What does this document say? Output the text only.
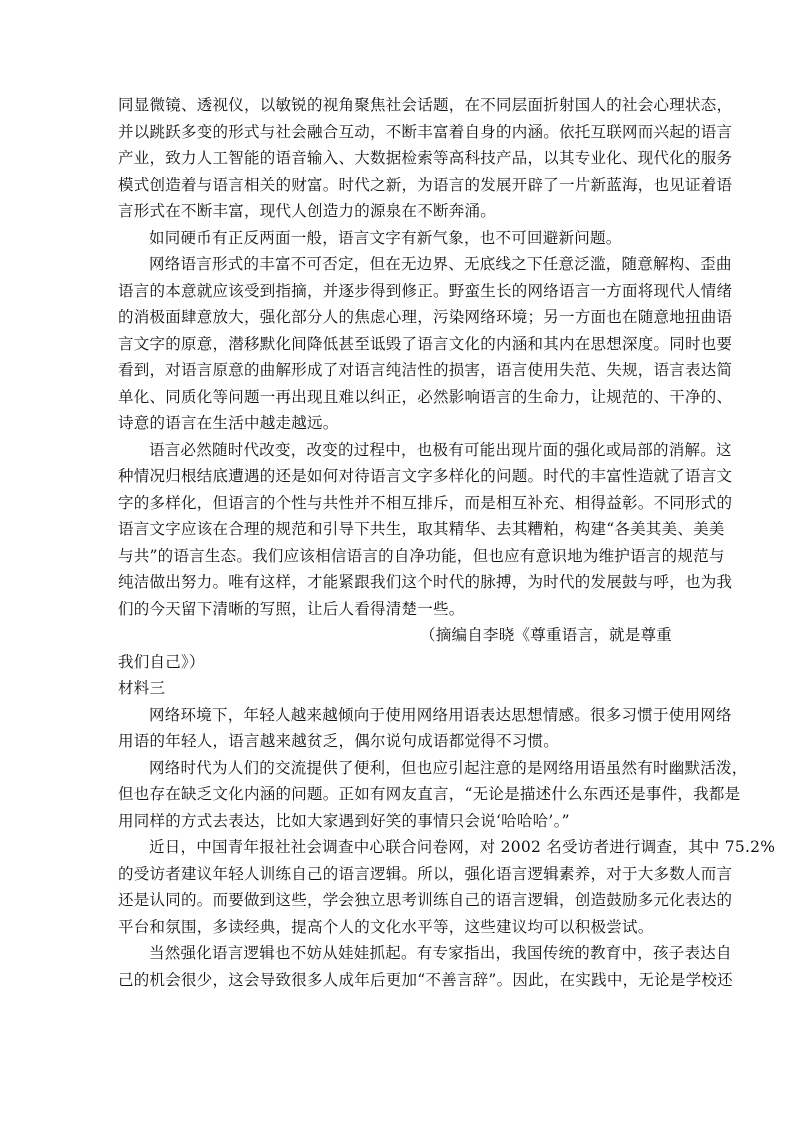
同显微镜、透视仪，以敏锐的视角聚焦社会话题，在不同层面折射国人的社会心理状态，
并以跳跃多变的形式与社会融合互动，不断丰富着自身的内涵。依托互联网而兴起的语言
产业，致力人工智能的语音输入、大数据检索等高科技产品，以其专业化、现代化的服务
模式创造着与语言相关的财富。时代之新，为语言的发展开辟了一片新蓝海，也见证着语
言形式在不断丰富，现代人创造力的源泉在不断奔涌。
如同硬币有正反两面一般，语言文字有新气象，也不可回避新问题。
网络语言形式的丰富不可否定，但在无边界、无底线之下任意泛滥，随意解构、歪曲
语言的本意就应该受到指摘，并逐步得到修正。野蛮生长的网络语言一方面将现代人情绪
的消极面肆意放大，强化部分人的焦虑心理，污染网络环境；另一方面也在随意地扭曲语
言文字的原意，潜移默化间降低甚至诋毁了语言文化的内涵和其内在思想深度。同时也要
看到，对语言原意的曲解形成了对语言纯洁性的损害，语言使用失范、失规，语言表达简
单化、同质化等问题一再出现且难以纠正，必然影响语言的生命力，让规范的、干净的、
诗意的语言在生活中越走越远。
语言必然随时代改变，改变的过程中，也极有可能出现片面的强化或局部的消解。这
种情况归根结底遭遇的还是如何对待语言文字多样化的问题。时代的丰富性造就了语言文
字的多样化，但语言的个性与共性并不相互排斥，而是相互补充、相得益彰。不同形式的
语言文字应该在合理的规范和引导下共生，取其精华、去其糟粕，构建“各美其美、美美
与共”的语言生态。我们应该相信语言的自净功能，但也应有意识地为维护语言的规范与
纯洁做出努力。唯有这样，才能紧跟我们这个时代的脉搏，为时代的发展鼓与呼，也为我
们的今天留下清晰的写照，让后人看得清楚一些。
（摘编自李晓《尊重语言，就是尊重
我们自己》）
材料三
网络环境下，年轻人越来越倾向于使用网络用语表达思想情感。很多习惯于使用网络
用语的年轻人，语言越来越贫乏，偶尔说句成语都觉得不习惯。
网络时代为人们的交流提供了便利，但也应引起注意的是网络用语虽然有时幽默活泼，
但也存在缺乏文化内涵的问题。正如有网友直言，“无论是描述什么东西还是事件，我都是
用同样的方式去表达，比如大家遇到好笑的事情只会说‘哈哈哈’。”
近日，中国青年报社社会调查中心联合问卷网，对 2002 名受访者进行调查，其中 75.2%
的受访者建议年轻人训练自己的语言逻辑。所以，强化语言逻辑素养，对于大多数人而言
还是认同的。而要做到这些，学会独立思考训练自己的语言逻辑，创造鼓励多元化表达的
平台和氛围，多读经典，提高个人的文化水平等，这些建议均可以积极尝试。
当然强化语言逻辑也不妨从娃娃抓起。有专家指出，我国传统的教育中，孩子表达自
己的机会很少，这会导致很多人成年后更加“不善言辞”。因此，在实践中，无论是学校还
